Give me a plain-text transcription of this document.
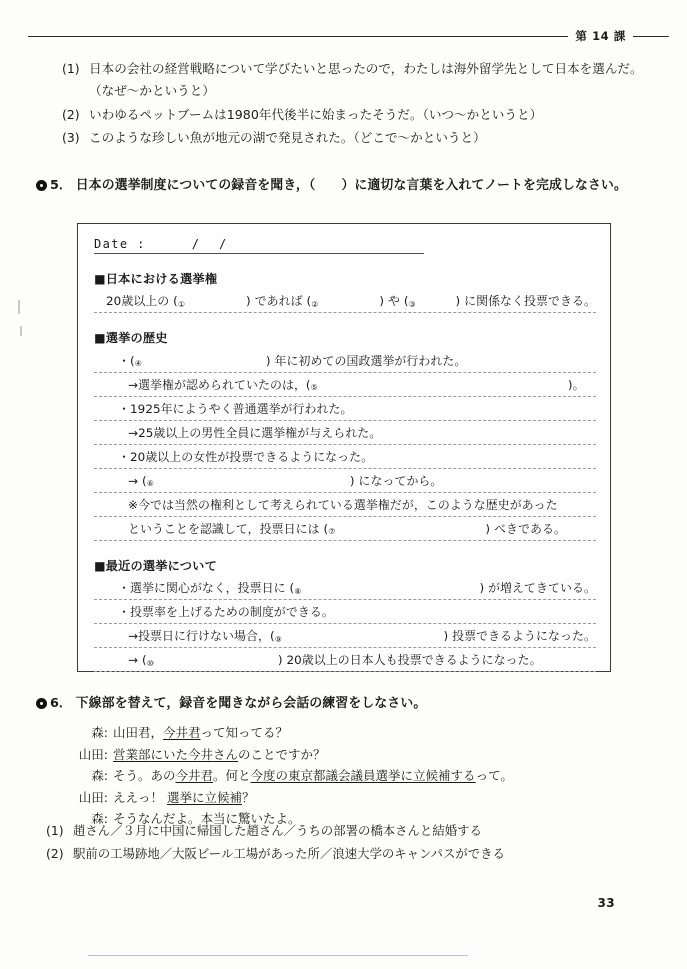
第 14 課
(1) 日本の会社の経営戦略について学びたいと思ったので，わたしは海外留学先として日本を選んだ。（なぜ〜かというと）
(2) いわゆるペットブームは1980年代後半に始まったそうだ。（いつ〜かというと）
(3) このような珍しい魚が地元の湖で発見された。（どこで〜かというと）
5． 日本の選挙制度についての録音を聞き，（　　）に適切な言葉を入れてノートを完成しなさい。
Date :	/	/
■日本における選挙権
20歳以上の ( ①	) であれば ( ②	) や ( ③	) に関係なく投票できる。
■選挙の歴史
・( ④	) 年に初めての国政選挙が行われた。
→選挙権が認められていたのは，( ⑤	)。
・1925年にようやく普通選挙が行われた。
→25歳以上の男性全員に選挙権が与えられた。
・20歳以上の女性が投票できるようになった。
→ ( ⑥	) になってから。
※今では当然の権利として考えられている選挙権だが，このような歴史があった
ということを認識して，投票日には ( ⑦	) べきである。
■最近の選挙について
・選挙に関心がなく，投票日に ( ⑧	) が増えてきている。
・投票率を上げるための制度ができる。
→投票日に行けない場合，( ⑨	) 投票できるようになった。
→ ( ⑩	) 20歳以上の日本人も投票できるようになった。
6． 下線部を替えて，録音を聞きながら会話の練習をしなさい。
森: 山田君，今井君って知ってる？
山田: 営業部にいた今井さんのことですか？
森: そう。あの今井君。何と今度の東京都議会議員選挙に立候補するって。
山田: ええっ！ 選挙に立候補？
森: そうなんだよ。本当に驚いたよ。
(1) 趙さん／３月に中国に帰国した趙さん／うちの部署の橋本さんと結婚する
(2) 駅前の工場跡地／大阪ビール工場があった所／浪速大学のキャンパスができる
33
